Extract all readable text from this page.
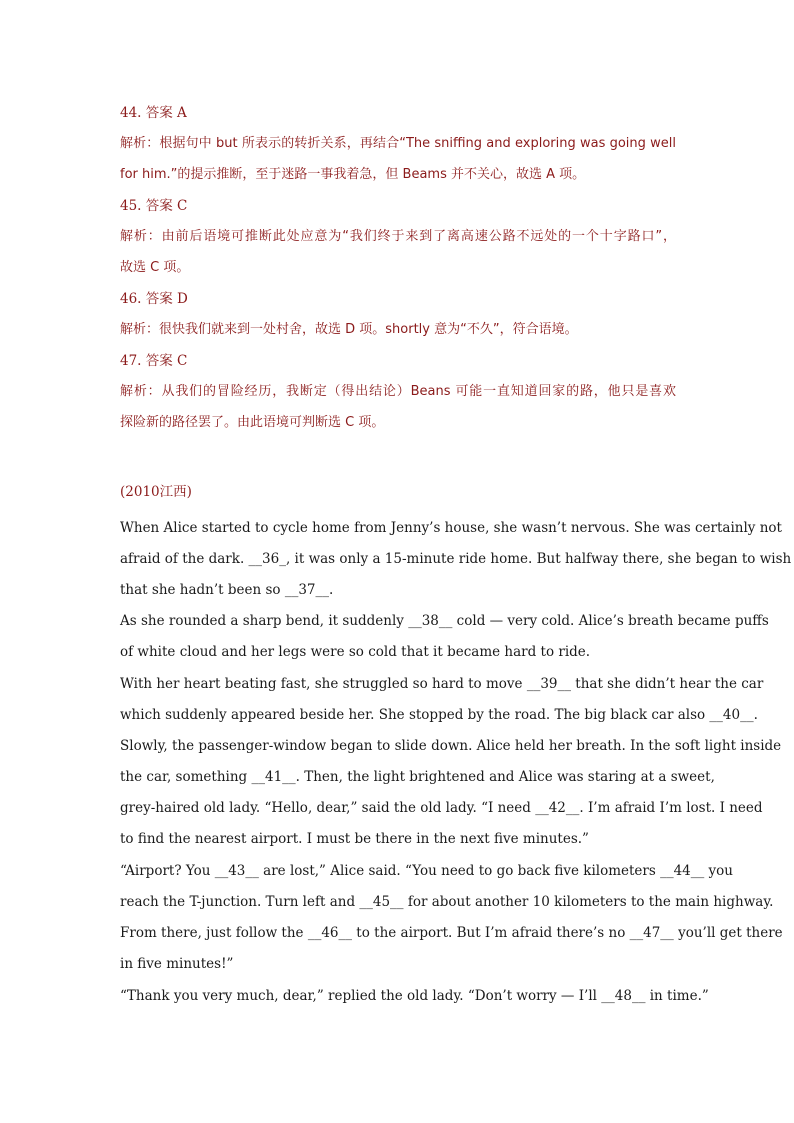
44. 答案 A
解析：根据句中 but 所表示的转折关系，再结合“The sniffing and exploring was going well
for him.”的提示推断，至于迷路一事我着急，但 Beams 并不关心，故选 A 项。
45. 答案 C
解析：由前后语境可推断此处应意为“我们终于来到了离高速公路不远处的一个十字路口”，
故选 C 项。
46. 答案 D
解析：很快我们就来到一处村舍，故选 D 项。shortly 意为“不久”，符合语境。
47. 答案 C
解析：从我们的冒险经历，我断定（得出结论）Beans 可能一直知道回家的路，他只是喜欢
探险新的路径罢了。由此语境可判断选 C 项。
(2010江西)
When Alice started to cycle home from Jenny’s house, she wasn’t nervous. She was certainly not
afraid of the dark. __36_, it was only a 15-minute ride home. But halfway there, she began to wish
that she hadn’t been so __37__.
As she rounded a sharp bend, it suddenly __38__ cold — very cold. Alice’s breath became puffs
of white cloud and her legs were so cold that it became hard to ride.
With her heart beating fast, she struggled so hard to move __39__ that she didn’t hear the car
which suddenly appeared beside her. She stopped by the road. The big black car also __40__.
Slowly, the passenger-window began to slide down. Alice held her breath. In the soft light inside
the car, something __41__. Then, the light brightened and Alice was staring at a sweet,
grey-haired old lady. “Hello, dear,” said the old lady. “I need __42__. I’m afraid I’m lost. I need
to find the nearest airport. I must be there in the next five minutes.”
“Airport? You __43__ are lost,” Alice said. “You need to go back five kilometers __44__ you
reach the T-junction. Turn left and __45__ for about another 10 kilometers to the main highway.
From there, just follow the __46__ to the airport. But I’m afraid there’s no __47__ you’ll get there
in five minutes!”
“Thank you very much, dear,” replied the old lady. “Don’t worry — I’ll __48__ in time.”
